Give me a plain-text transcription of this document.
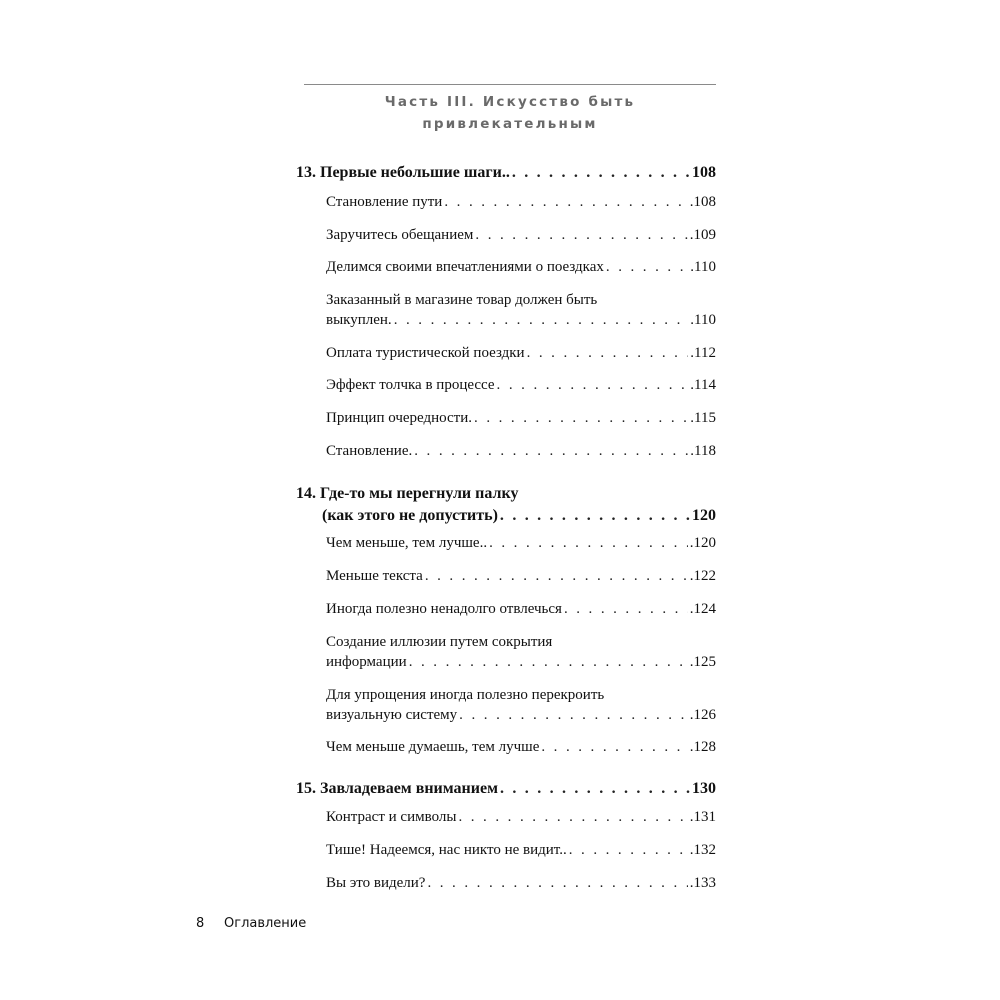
Часть III. Искусство быть
привлекательным
13. Первые небольшие шаги.. . . .	108
Становление пути . . .	.108
Заручитесь обещанием . . .	.109
Делимся своими впечатлениями о поездках . . .	.110
Заказанный в магазине товар должен быть
выкуплен. . . .	.110
Оплата туристической поездки . . .	.112
Эффект толчка в процессе . . .	.114
Принцип очередности. . . .	.115
Становление. . . .	.118
14. Где-то мы перегнули палку
(как этого не допустить) . . .	120
Чем меньше, тем лучше.. . . .	.120
Меньше текста . . .	.122
Иногда полезно ненадолго отвлечься . . .	.124
Создание иллюзии путем сокрытия
информации . . .	.125
Для упрощения иногда полезно перекроить
визуальную систему . . .	.126
Чем меньше думаешь, тем лучше . . .	.128
15. Завладеваем вниманием . . .	130
Контраст и символы . . .	.131
Тише! Надеемся, нас никто не видит.. . . .	.132
Вы это видели? . . .	.133
8 Оглавление
